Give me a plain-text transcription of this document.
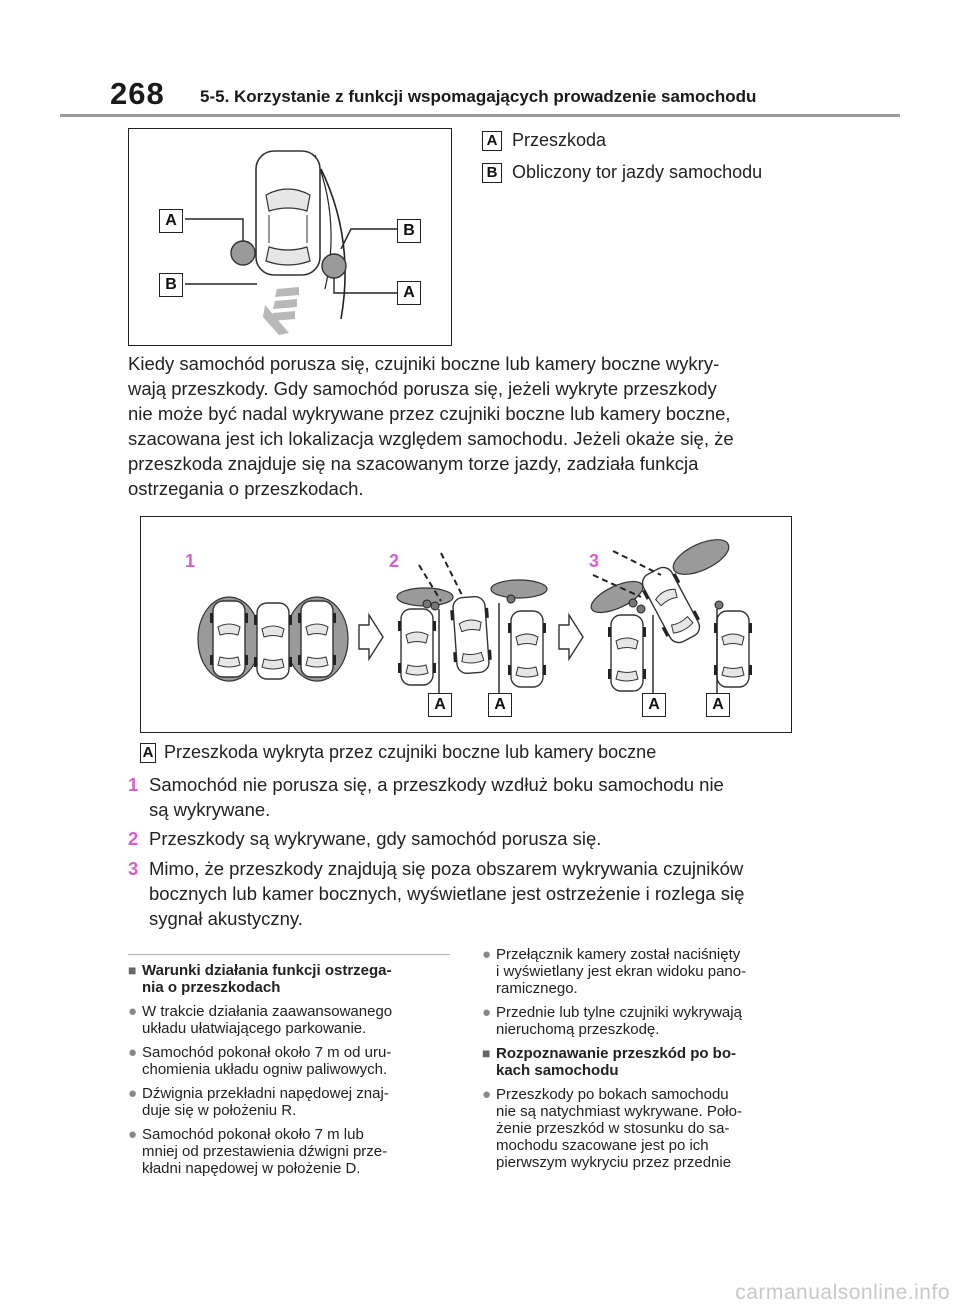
268 5-5. Korzystanie z funkcji wspomagających prowadzenie samochodu
A
B
B
A
A Przeszkoda
B Obliczony tor jazdy samochodu
Kiedy samochód porusza się, czujniki boczne lub kamery boczne wykry-
wają przeszkody. Gdy samochód porusza się, jeżeli wykryte przeszkody
nie może być nadal wykrywane przez czujniki boczne lub kamery boczne,
szacowana jest ich lokalizacja względem samochodu. Jeżeli okaże się, że
przeszkoda znajduje się na szacowanym torze jazdy, zadziała funkcja
ostrzegania o przeszkodach.
1	2	3
A	A	A	A
A Przeszkoda wykryta przez czujniki boczne lub kamery boczne
1 Samochód nie porusza się, a przeszkody wzdłuż boku samochodu nie
są wykrywane.
2 Przeszkody są wykrywane, gdy samochód porusza się.
3 Mimo, że przeszkody znajdują się poza obszarem wykrywania czujników
bocznych lub kamer bocznych, wyświetlane jest ostrzeżenie i rozlega się
sygnał akustyczny.
■ Warunki działania funkcji ostrzega-
nia o przeszkodach
● W trakcie działania zaawansowanego
układu ułatwiającego parkowanie.
● Samochód pokonał około 7 m od uru-
chomienia układu ogniw paliwowych.
● Dźwignia przekładni napędowej znaj-
duje się w położeniu R.
● Samochód pokonał około 7 m lub
mniej od przestawienia dźwigni prze-
kładni napędowej w położenie D.
● Przełącznik kamery został naciśnięty
i wyświetlany jest ekran widoku pano-
ramicznego.
● Przednie lub tylne czujniki wykrywają
nieruchomą przeszkodę.
■ Rozpoznawanie przeszkód po bo-
kach samochodu
● Przeszkody po bokach samochodu
nie są natychmiast wykrywane. Poło-
żenie przeszkód w stosunku do sa-
mochodu szacowane jest po ich
pierwszym wykryciu przez przednie
carmanualsonline.info
